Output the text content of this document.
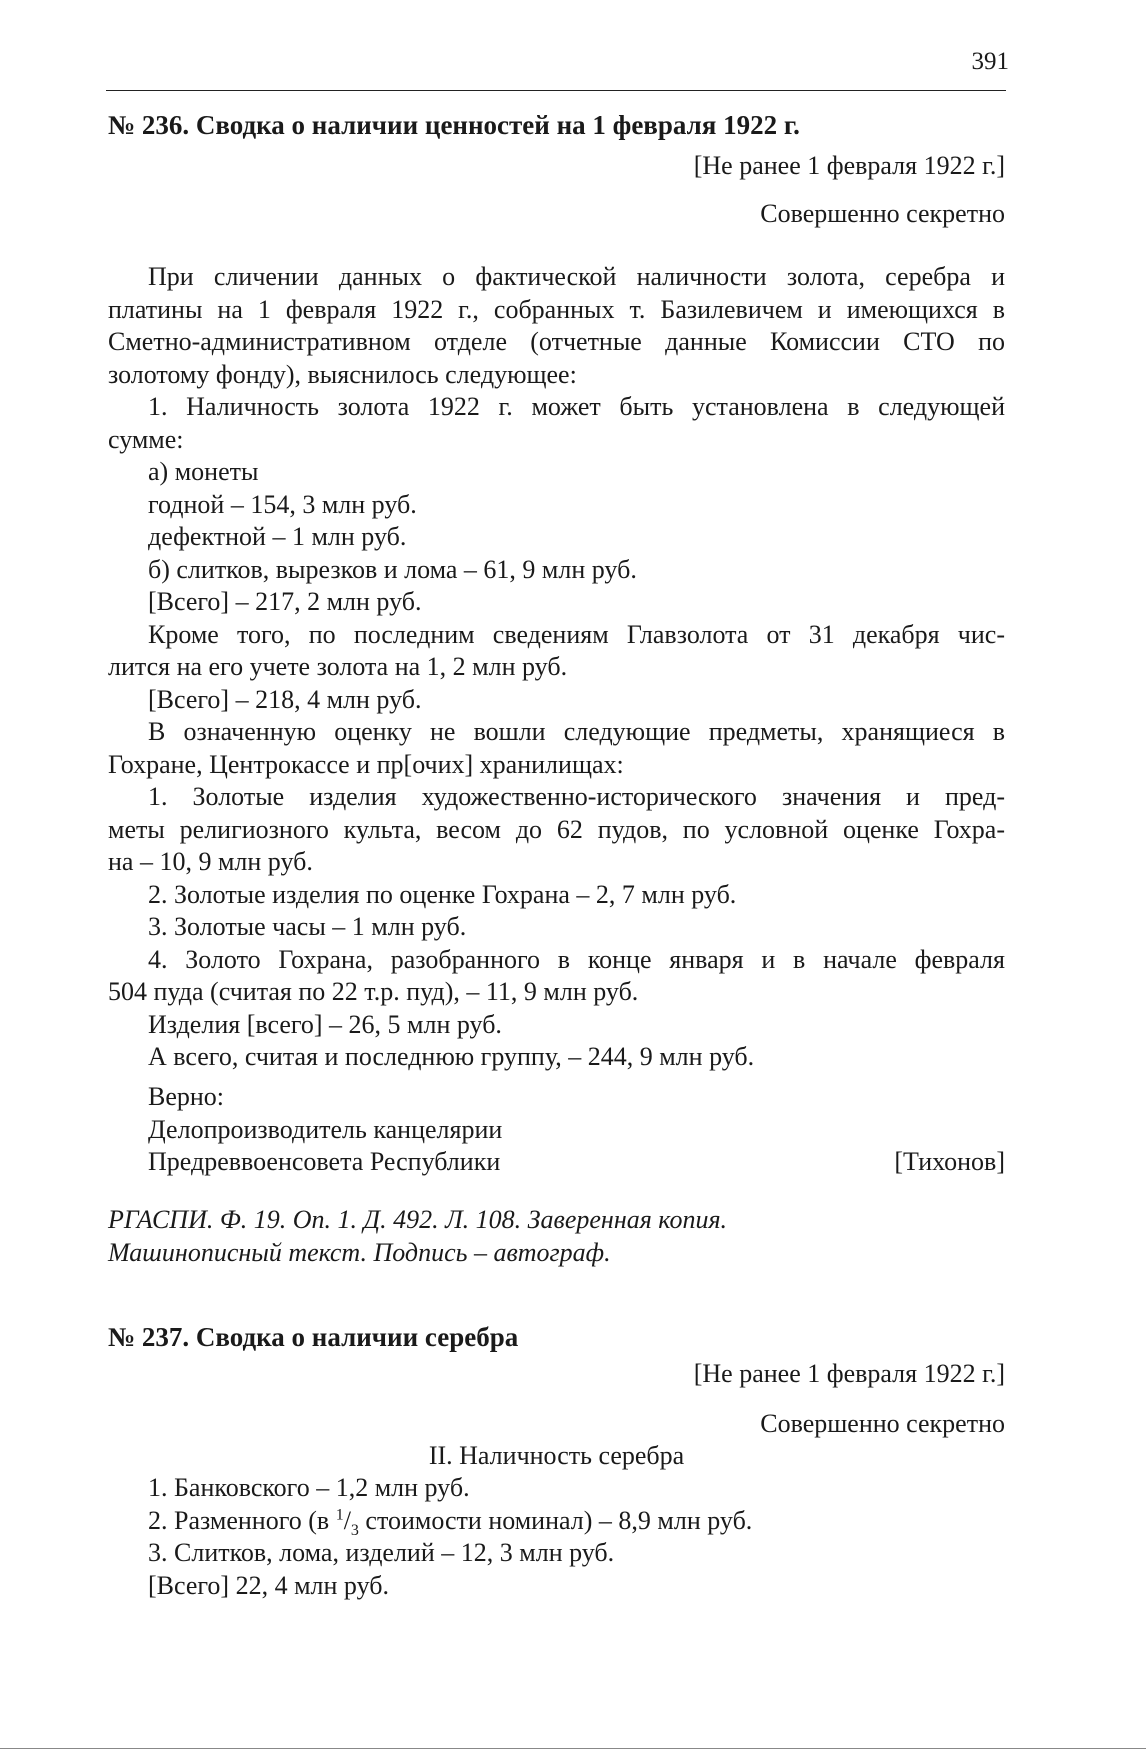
391
№ 236. Сводка о наличии ценностей на 1 февраля 1922 г.
[Не ранее 1 февраля 1922 г.]
Совершенно секретно
При сличении данных о фактической наличности золота, серебра и
платины на 1 февраля 1922 г., собранных т. Базилевичем и имеющихся в
Сметно-административном отделе (отчетные данные Комиссии СТО по
золотому фонду), выяснилось следующее:
1. Наличность золота 1922 г. может быть установлена в следующей
сумме:
а) монеты
годной – 154, 3 млн руб.
дефектной – 1 млн руб.
б) слитков, вырезков и лома – 61, 9 млн руб.
[Всего] – 217, 2 млн руб.
Кроме того, по последним сведениям Главзолота от 31 декабря чис-
лится на его учете золота на 1, 2 млн руб.
[Всего] – 218, 4 млн руб.
В означенную оценку не вошли следующие предметы, хранящиеся в
Гохране, Центрокассе и пр[очих] хранилищах:
1. Золотые изделия художественно-исторического значения и пред-
меты религиозного культа, весом до 62 пудов, по условной оценке Гохра-
на – 10, 9 млн руб.
2. Золотые изделия по оценке Гохрана – 2, 7 млн руб.
3. Золотые часы – 1 млн руб.
4. Золото Гохрана, разобранного в конце января и в начале февраля
504 пуда (считая по 22 т.р. пуд), – 11, 9 млн руб.
Изделия [всего] – 26, 5 млн руб.
А всего, считая и последнюю группу, – 244, 9 млн руб.
Верно:
Делопроизводитель канцелярии
Предреввоенсовета Республики	[Тихонов]
РГАСПИ. Ф. 19. Оп. 1. Д. 492. Л. 108. Заверенная копия.
Машинописный текст. Подпись – автограф.
№ 237. Сводка о наличии серебра
[Не ранее 1 февраля 1922 г.]
Совершенно секретно
II. Наличность серебра
1. Банковского – 1,2 млн руб.
2. Разменного (в $^1/_3$ стоимости номинал) – 8,9 млн руб.
3. Слитков, лома, изделий – 12, 3 млн руб.
[Всего] 22, 4 млн руб.
